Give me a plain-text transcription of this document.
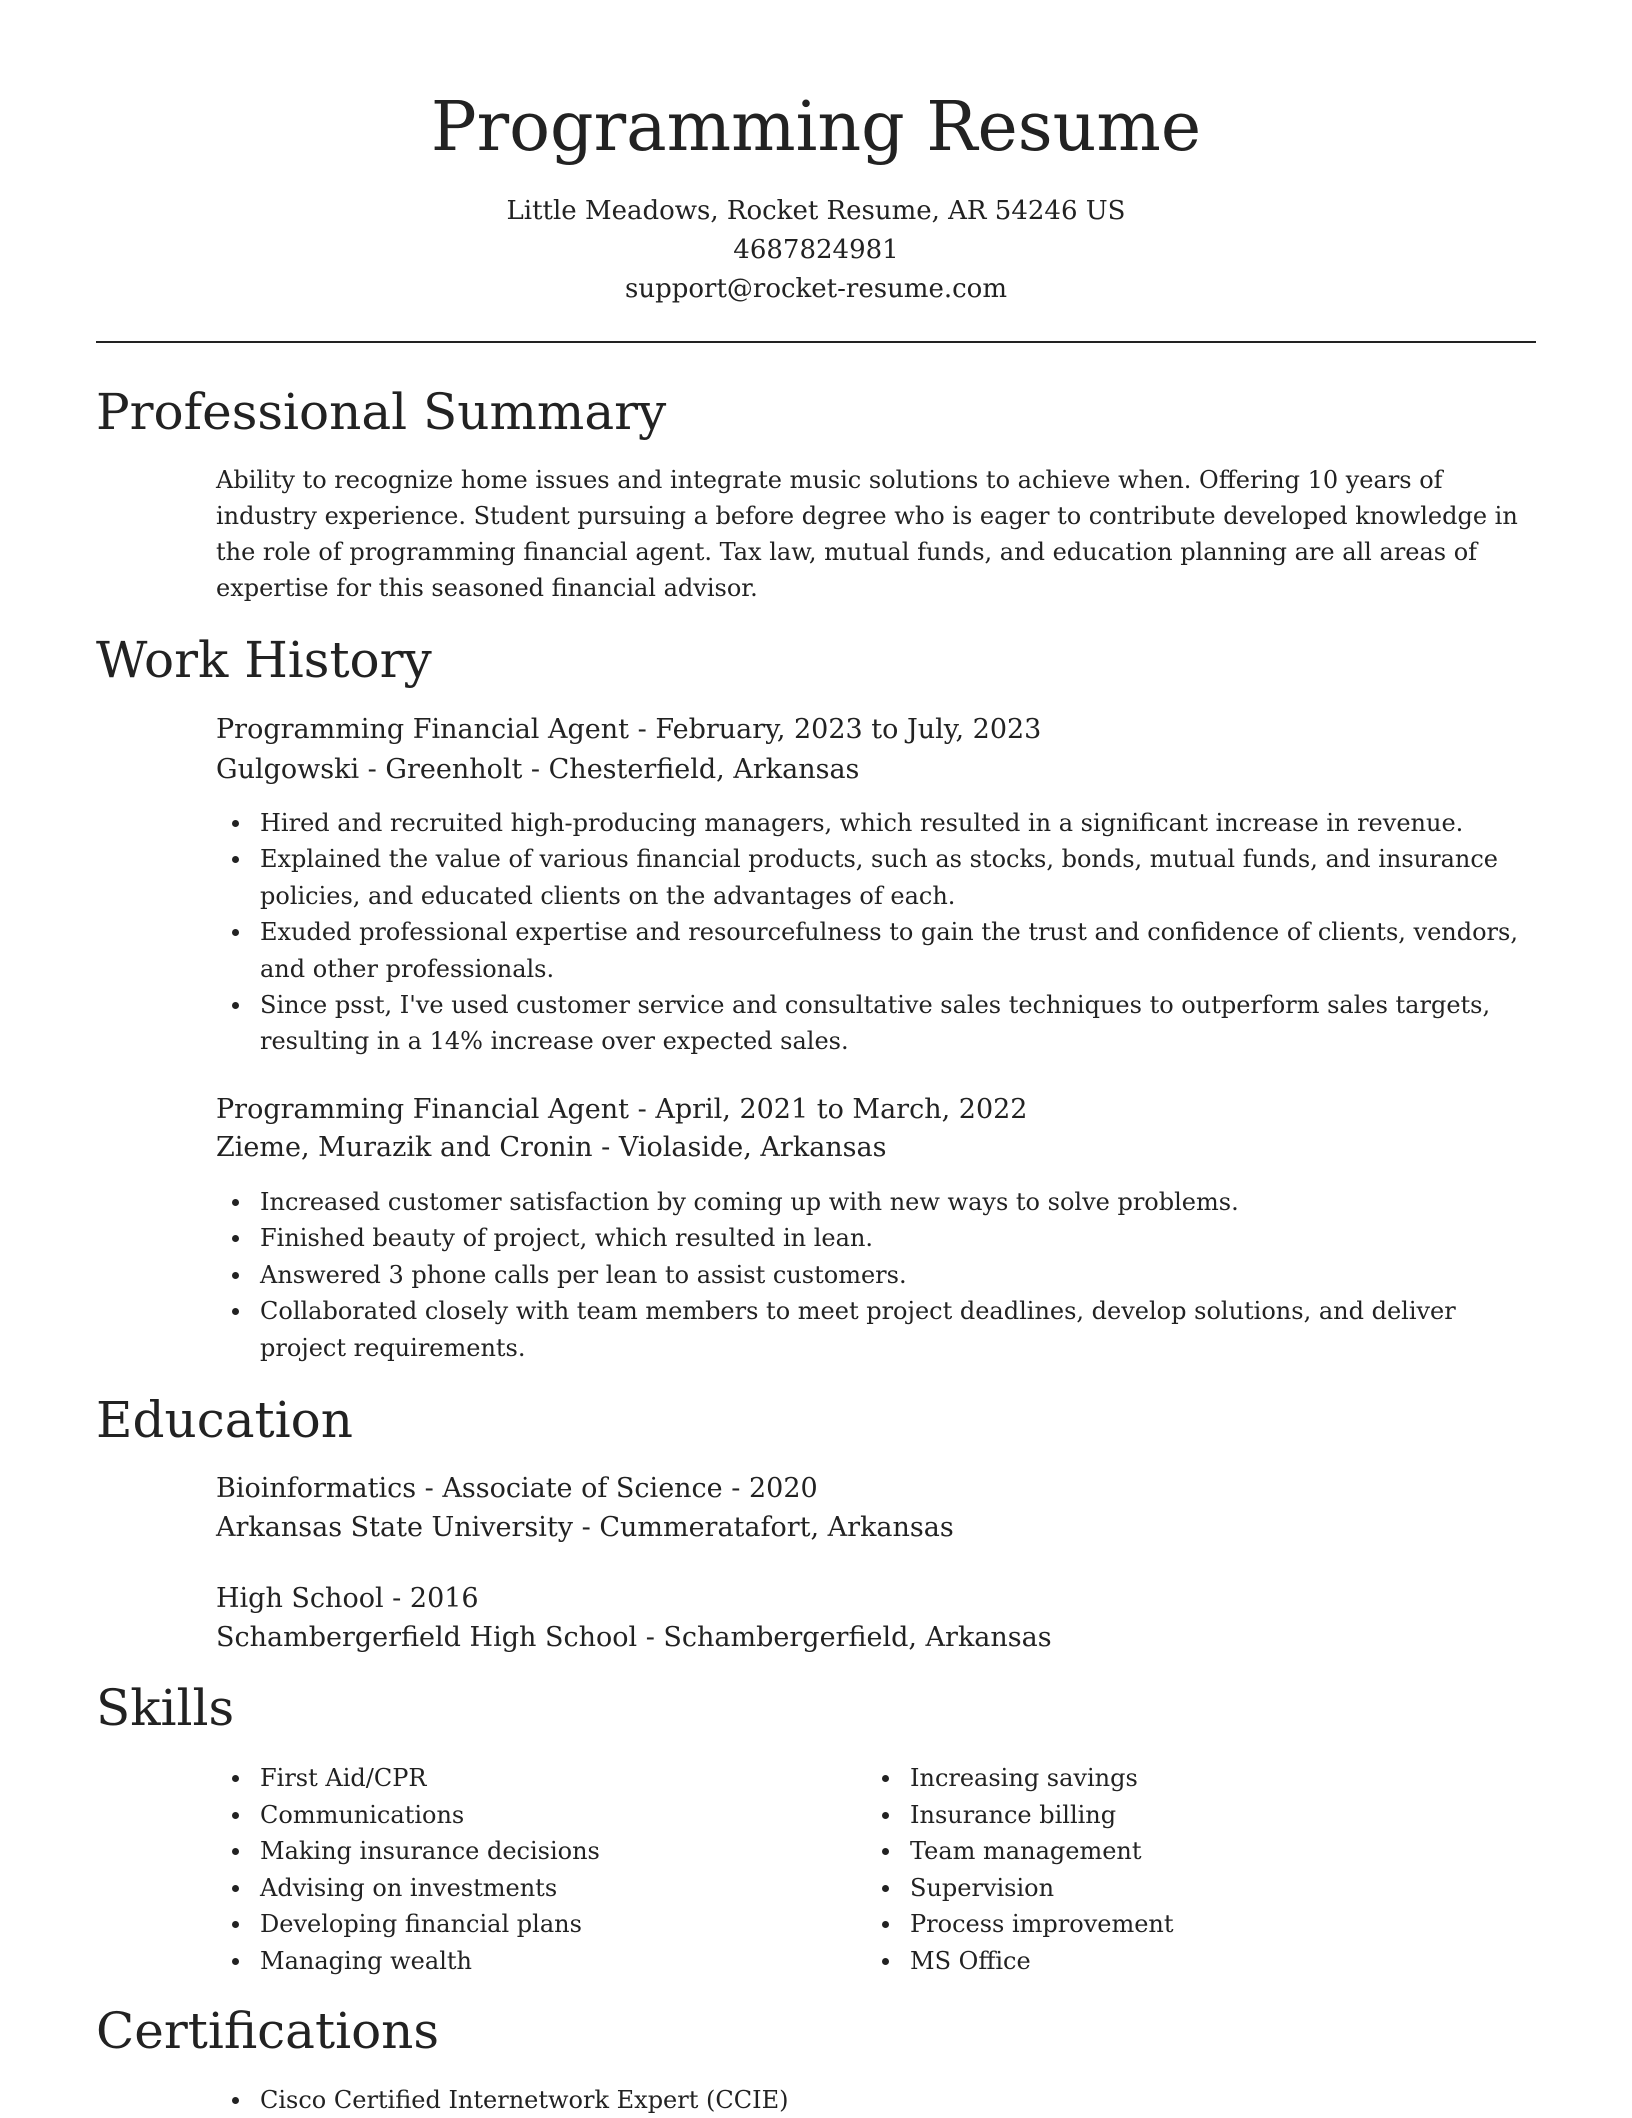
Programming Resume
Little Meadows, Rocket Resume, AR 54246 US
4687824981
support@rocket-resume.com
Professional Summary
Ability to recognize home issues and integrate music solutions to achieve when. Offering 10 years of industry experience. Student pursuing a before degree who is eager to contribute developed knowledge in the role of programming financial agent. Tax law, mutual funds, and education planning are all areas of expertise for this seasoned financial advisor.
Work History
Programming Financial Agent - February, 2023 to July, 2023
Gulgowski - Greenholt - Chesterfield, Arkansas
Hired and recruited high-producing managers, which resulted in a significant increase in revenue.
Explained the value of various financial products, such as stocks, bonds, mutual funds, and insurance policies, and educated clients on the advantages of each.
Exuded professional expertise and resourcefulness to gain the trust and confidence of clients, vendors, and other professionals.
Since psst, I've used customer service and consultative sales techniques to outperform sales targets, resulting in a 14% increase over expected sales.
Programming Financial Agent - April, 2021 to March, 2022
Zieme, Murazik and Cronin - Violaside, Arkansas
Increased customer satisfaction by coming up with new ways to solve problems.
Finished beauty of project, which resulted in lean.
Answered 3 phone calls per lean to assist customers.
Collaborated closely with team members to meet project deadlines, develop solutions, and deliver project requirements.
Education
Bioinformatics - Associate of Science - 2020
Arkansas State University - Cummeratafort, Arkansas
High School - 2016
Schambergerfield High School - Schambergerfield, Arkansas
Skills
First Aid/CPR
Communications
Making insurance decisions
Advising on investments
Developing financial plans
Managing wealth
Increasing savings
Insurance billing
Team management
Supervision
Process improvement
MS Office
Certifications
Cisco Certified Internetwork Expert (CCIE)
